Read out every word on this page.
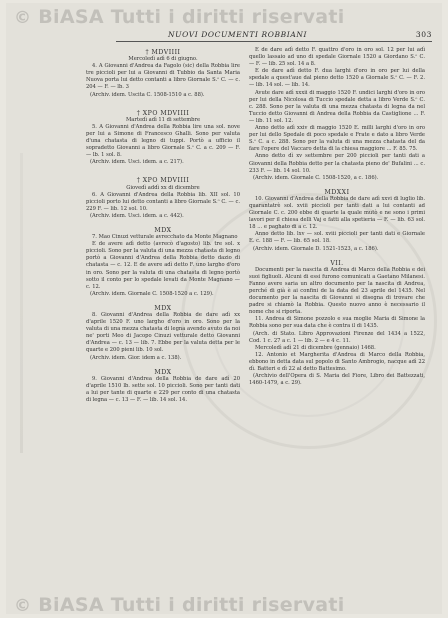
© BiASA Tutti i diritti riservati
NUOVI DOCUMENTI ROBBIANI	303

† MDVIIII

Mercoledì adì 6 di giugno.

4. A Giovanni d'Andrea da Fagolo (sic) della Robbia lire tre piccioli per lui a Giovanni di Tubbio da Santa Maria Nuova porta lui detto contanti a libro Giornale S.ᵒ C. — c. 204 — F. — lb. 3

(Archiv. idem. Uscita C. 1508-1510 a c. 88).

† XPO MDVIIII

Martedì adì 11 di settembre

5. A Giovanni d'Andrea della Robbia lire una sol. nove per lui a Simone di Francesco Ghalli. Sono per valuta d'una chatasta di legno di tuppi. Portò a ufficio il sopradetto Giovanni a libro Giornale S.ᵒ C. a c. 209 — F. — lb. 1 sol. 8.

(Archiv. idem. Usci. idem. a c. 217).

† XPO MDVIIII

Giovedì addì xx di dicembre

6. A Giovanni d'Andrea della Robbia lib. XII sol. 10 piccioli porto lui detto contanti a libro Giornale S.ᵒ C. — c. 229 F. — lib. 12 sol. 10.

(Archiv. idem. Usci. idem. a c. 442).

MDX

7. Mao Cinuzi vetturale avrecchato da Monte Magnano

E de avere adì detto (avrecò d'agosto) lib. tre sol. x piccioli. Sono per la valuta di una mezza chatasta di legno portò a Giovanni d'Andrea della Robbia detto dazio di chatasta — c. 12. E de avere adì detto F. uno largho d'oro in oro. Sono per la valuta di una chatasta di legno portò sotto il conto per lo spedale levati da Monte Magnano — c. 12.

(Archiv. idem. Giornale C. 1508-1520 a c. 129).

MDX

8. Giovanni d'Andrea della Robbia de dare adì xx d'aprile 1520 F. uno largho d'oro in oro. Sono per la valuta di una mezza chatasta di legna avendo avuto da noi ne' porti Meo di Jacopo Cinuzi vetturale detto Giovanni d'Andrea — c. 13 — lib. 7. Ebbe per la valuta detta per le quarte e 200 pieni lib. 10 sol.

(Archiv. idem. Gior. idem a c. 138).

MDX

9. Giovanni d'Andrea della Robbia de dare adì 20 d'aprile 1510 lb. sette sol. 10 piccioli. Sono per tanti dati a lui per tante di quarte e 229 per conto di una chatasta di legna — c. 13 — F. — lib. 14 sol. 14.

E de dare adì detto F. quattro d'oro in oro sol. 12 per lui adì quello lassaio ad uno di spedale Giornale 1520 a Giordano S.ᵒ C. — F. — lib. 25 sol. 14 a 8.

E de dare adì detto F. dua larghi d'oro in oro per lui della spedale a quest'aue dal pieno detto 1520 a Giornale S.ᵒ C. — F. 2. — lib. 14 sol. — lib. 14.

Avute dare adì xxxii di maggio 1520 F. undici larghi d'oro in oro per lui della Nicolosa di Tuccio spedale detta a libro Verde S.ᵒ C. c. 288. Sono per la valuta di una mezza chatasta di legna da nel Tuccio detto Giovanni di Andrea della Robbia da Castiglione ... F. — lib. 11 sol. 12.

Anno detto adì xxiv di maggio 1520 E. milli larghi d'oro in oro per lui dello Spedale di poco spedale e Frate e dato a libro Verde S.ᵒ C. a c. 288. Sono per la valuta di una mezza chatasta del da fare l'opere del Vaccaro detta di la chiesa maggiore ... F. 85. 75.

Anno detto dì xv settembre per 200 piccioli per tanti dati a Giovanni della Robbia detto per la chatasta pieno de' Bufalini ... c. 233 F. — lib. 14 sol. 10.

(Archiv. idem. Giornale C. 1508-1520, a c. 186).

MDXXI

10. Giovanni d'Andrea della Robbia de dare adì xxvi di luglio lib. quarantatrè sol. xviii piccioli per tanti dati a lui contanti ad Giornale C. c. 200 ebbe di quarte la quale mutò e ne sono i primi lavori per il chiesa delli Vaj e fatti alla spetieria — F. — lib. 63 sol. 18 ... e paghato di a c. 12.

Anno detto lib. lxv — sol. xviii piccioli per tanti dati e Giornale E. c. 188 — F. — lib. 65 sol. 18.

(Archiv. idem. Giornale D. 1521-1523, a c. 186).

VII.

Documenti per la nascita di Andrea di Marco della Robbia e dei suoi figliuoli. Alcuni di essi furono comunicati a Gaetano Milanesi. Fanno avere saria un altro documento per la nascita di Andrea, perché di già è ai confini de la data del 23 aprile del 1435. Nel documento per la nascita di Giovanni si disegna di trovare che padre si chiamò la Robbia. Questo nuovo anno è necessario il nome che si riporta.

11. Andrea di Simone pozzolo e sua moglie Maria di Simone la Robbia sono per sua data che è contra il di 1435.

(Arch. di Stato. Libro Approvazioni Firenze del 1434 a 1522, Cod. 1 c. 27 a c. 1 — lib. 2 — e 4 c. 11.

Mercoledì adì 21 di dicembre (gennaio) 1468.

12. Antonio et Margherita d'Andrea di Marco della Robbia, ebbono in detta data sul popolo di Santo Ambrogio, nacque adì 22 dì. Batteri e dì 22 al detto Battesimo.

(Archivio dell'Opera di S. Maria del Fiore, Libro dei Battezzati, 1460-1479, a c. 29).

© BiASA Tutti i diritti riservati
